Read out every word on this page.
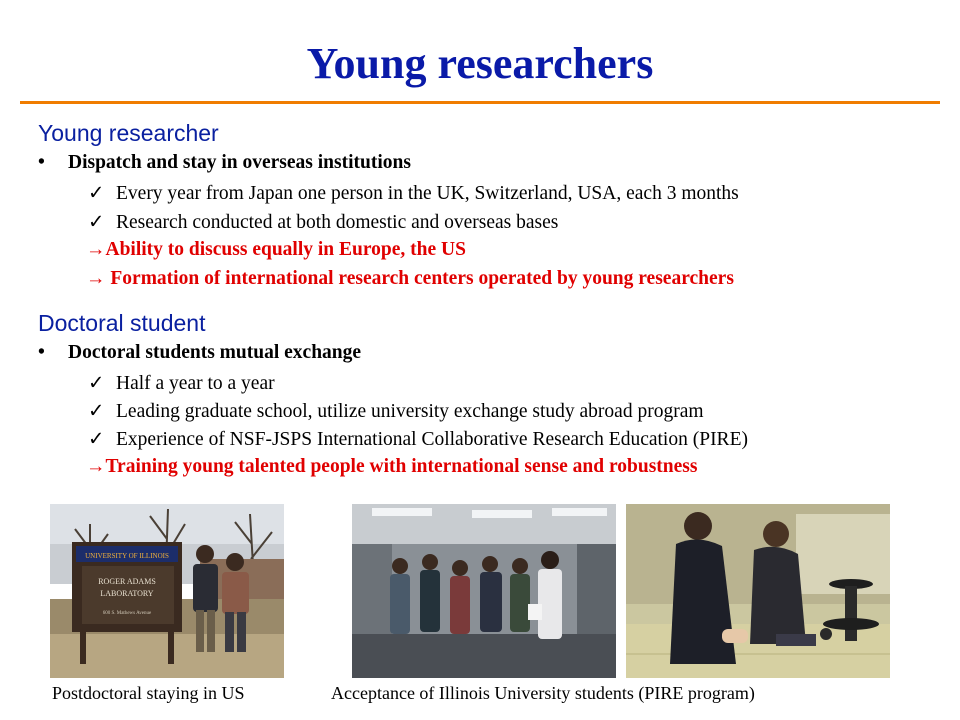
Young researchers
Young researcher
• Dispatch and stay in overseas institutions
✓ Every year from Japan one person in the UK, Switzerland, USA, each 3 months
✓ Research conducted at both domestic and overseas bases
→Ability to discuss equally in Europe, the US
→ Formation of international research centers operated by young researchers
Doctoral student
• Doctoral students mutual exchange
✓ Half a year to a year
✓ Leading graduate school, utilize university exchange study abroad program
✓ Experience of NSF-JSPS International Collaborative Research Education (PIRE)
→Training young talented people with international sense and robustness
UNIVERSITY OF ILLINOIS
ROGER ADAMS
LABORATORY
600 S. Mathews Avenue
Postdoctoral staying in US	Acceptance of Illinois University students (PIRE program)
